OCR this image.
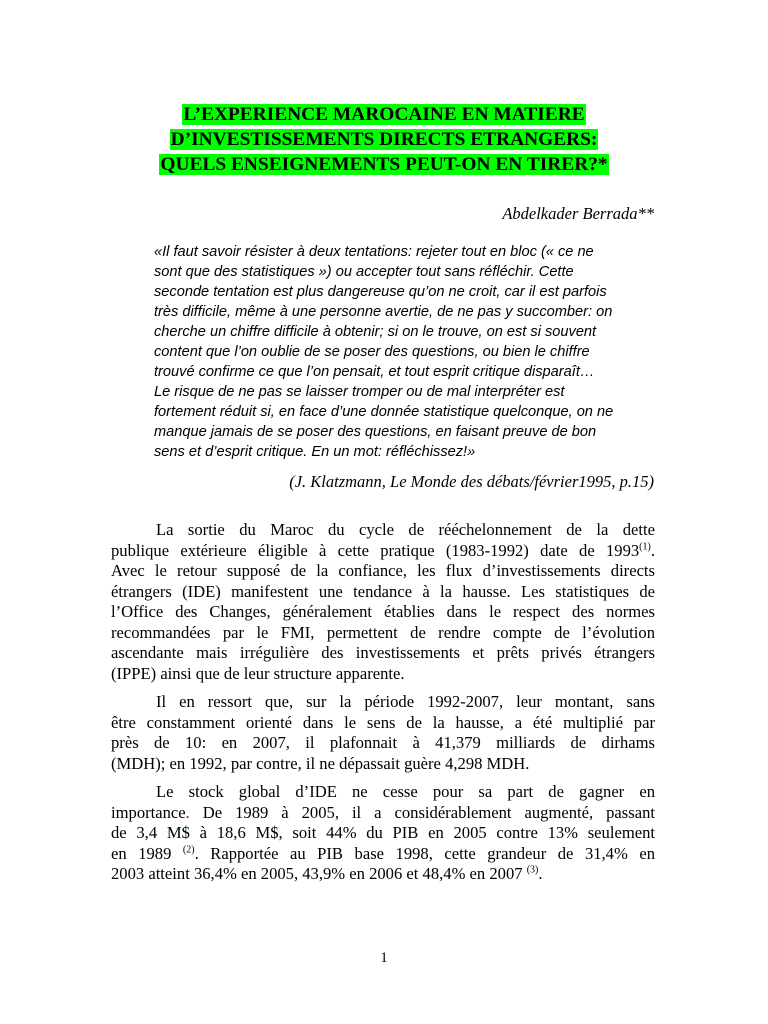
L’EXPERIENCE MAROCAINE EN MATIERE
D’INVESTISSEMENTS DIRECTS ETRANGERS:
QUELS ENSEIGNEMENTS PEUT-ON EN TIRER?*
Abdelkader Berrada**
«Il faut savoir résister à deux tentations: rejeter tout en bloc (« ce ne
sont que des statistiques ») ou accepter tout sans réfléchir. Cette
seconde tentation est plus dangereuse qu’on ne croit, car il est parfois
très difficile, même à une personne avertie, de ne pas y succomber: on
cherche un chiffre difficile à obtenir; si on le trouve, on est si souvent
content que l’on oublie de se poser des questions, ou bien le chiffre
trouvé confirme ce que l’on pensait, et tout esprit critique disparaît…
Le risque de ne pas se laisser tromper ou de mal interpréter est
fortement réduit si, en face d’une donnée statistique quelconque, on ne
manque jamais de se poser des questions, en faisant preuve de bon
sens et d’esprit critique. En un mot: réfléchissez!»
(J. Klatzmann, Le Monde des débats/février1995, p.15)

La sortie du Maroc du cycle de rééchelonnement de la dette
publique extérieure éligible à cette pratique (1983-1992) date de 1993$^{(1)}$.
Avec le retour supposé de la confiance, les flux d’investissements directs
étrangers (IDE) manifestent une tendance à la hausse. Les statistiques de
l’Office des Changes, généralement établies dans le respect des normes
recommandées par le FMI, permettent de rendre compte de l’évolution
ascendante mais irrégulière des investissements et prêts privés étrangers
(IPPE) ainsi que de leur structure apparente.

Il en ressort que, sur la période 1992-2007, leur montant, sans
être constamment orienté dans le sens de la hausse, a été multiplié par
près de 10: en 2007, il plafonnait à 41,379 milliards de dirhams
(MDH); en 1992, par contre, il ne dépassait guère 4,298 MDH.

Le stock global d’IDE ne cesse pour sa part de gagner en
importance. De 1989 à 2005, il a considérablement augmenté, passant
de 3,4 M$ à 18,6 M$, soit 44% du PIB en 2005 contre 13% seulement
en 1989 $^{(2)}$. Rapportée au PIB base 1998, cette grandeur de 31,4% en
2003 atteint 36,4% en 2005, 43,9% en 2006 et 48,4% en 2007 $^{(3)}$.

1
